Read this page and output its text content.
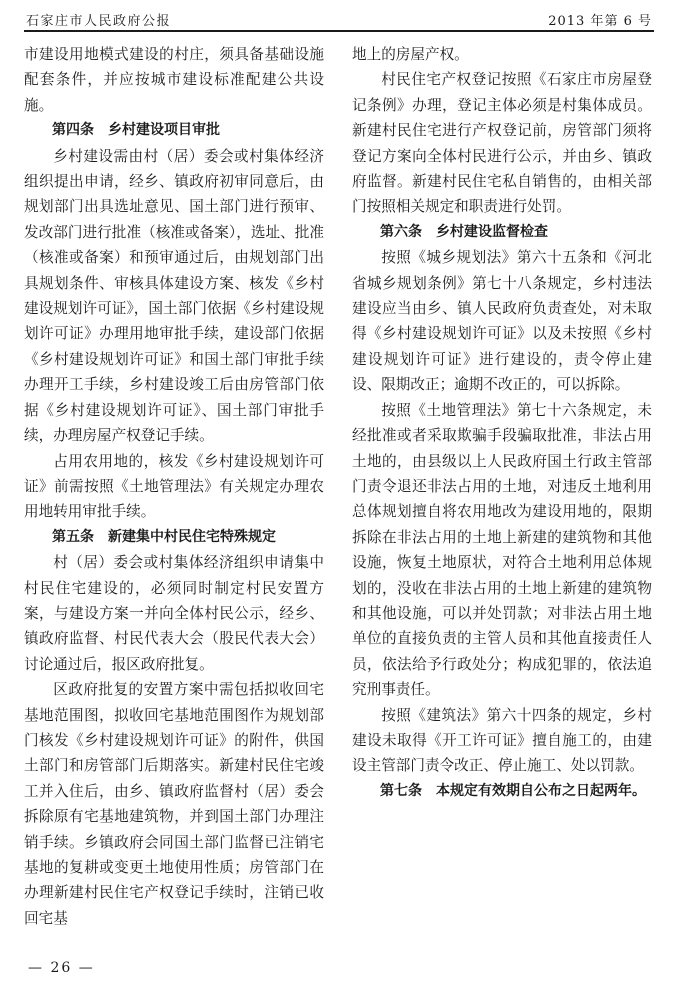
石家庄市人民政府公报	2013 年第 6 号

市建设用地模式建设的村庄，须具备基础设施配套条件，并应按城市建设标准配建公共设施。

第四条　乡村建设项目审批

乡村建设需由村（居）委会或村集体经济组织提出申请，经乡、镇政府初审同意后，由规划部门出具选址意见、国土部门进行预审、发改部门进行批准（核准或备案），选址、批准（核准或备案）和预审通过后，由规划部门出具规划条件、审核具体建设方案、核发《乡村建设规划许可证》，国土部门依据《乡村建设规划许可证》办理用地审批手续，建设部门依据《乡村建设规划许可证》和国土部门审批手续办理开工手续，乡村建设竣工后由房管部门依据《乡村建设规划许可证》、国土部门审批手续，办理房屋产权登记手续。

占用农用地的，核发《乡村建设规划许可证》前需按照《土地管理法》有关规定办理农用地转用审批手续。

第五条　新建集中村民住宅特殊规定

村（居）委会或村集体经济组织申请集中村民住宅建设的，必须同时制定村民安置方案，与建设方案一并向全体村民公示，经乡、镇政府监督、村民代表大会（股民代表大会）讨论通过后，报区政府批复。

区政府批复的安置方案中需包括拟收回宅基地范围图，拟收回宅基地范围图作为规划部门核发《乡村建设规划许可证》的附件，供国土部门和房管部门后期落实。新建村民住宅竣工并入住后，由乡、镇政府监督村（居）委会拆除原有宅基地建筑物，并到国土部门办理注销手续。乡镇政府会同国土部门监督已注销宅基地的复耕或变更土地使用性质；房管部门在办理新建村民住宅产权登记手续时，注销已收回宅基

地上的房屋产权。

村民住宅产权登记按照《石家庄市房屋登记条例》办理，登记主体必须是村集体成员。新建村民住宅进行产权登记前，房管部门须将登记方案向全体村民进行公示，并由乡、镇政府监督。新建村民住宅私自销售的，由相关部门按照相关规定和职责进行处罚。

第六条　乡村建设监督检查

按照《城乡规划法》第六十五条和《河北省城乡规划条例》第七十八条规定，乡村违法建设应当由乡、镇人民政府负责查处，对未取得《乡村建设规划许可证》以及未按照《乡村建设规划许可证》进行建设的，责令停止建设、限期改正；逾期不改正的，可以拆除。

按照《土地管理法》第七十六条规定，未经批准或者采取欺骗手段骗取批准，非法占用土地的，由县级以上人民政府国土行政主管部门责令退还非法占用的土地，对违反土地利用总体规划擅自将农用地改为建设用地的，限期拆除在非法占用的土地上新建的建筑物和其他设施，恢复土地原状，对符合土地利用总体规划的，没收在非法占用的土地上新建的建筑物和其他设施，可以并处罚款；对非法占用土地单位的直接负责的主管人员和其他直接责任人员，依法给予行政处分；构成犯罪的，依法追究刑事责任。

按照《建筑法》第六十四条的规定，乡村建设未取得《开工许可证》擅自施工的，由建设主管部门责令改正、停止施工、处以罚款。

第七条　本规定有效期自公布之日起两年。

— 26 —
